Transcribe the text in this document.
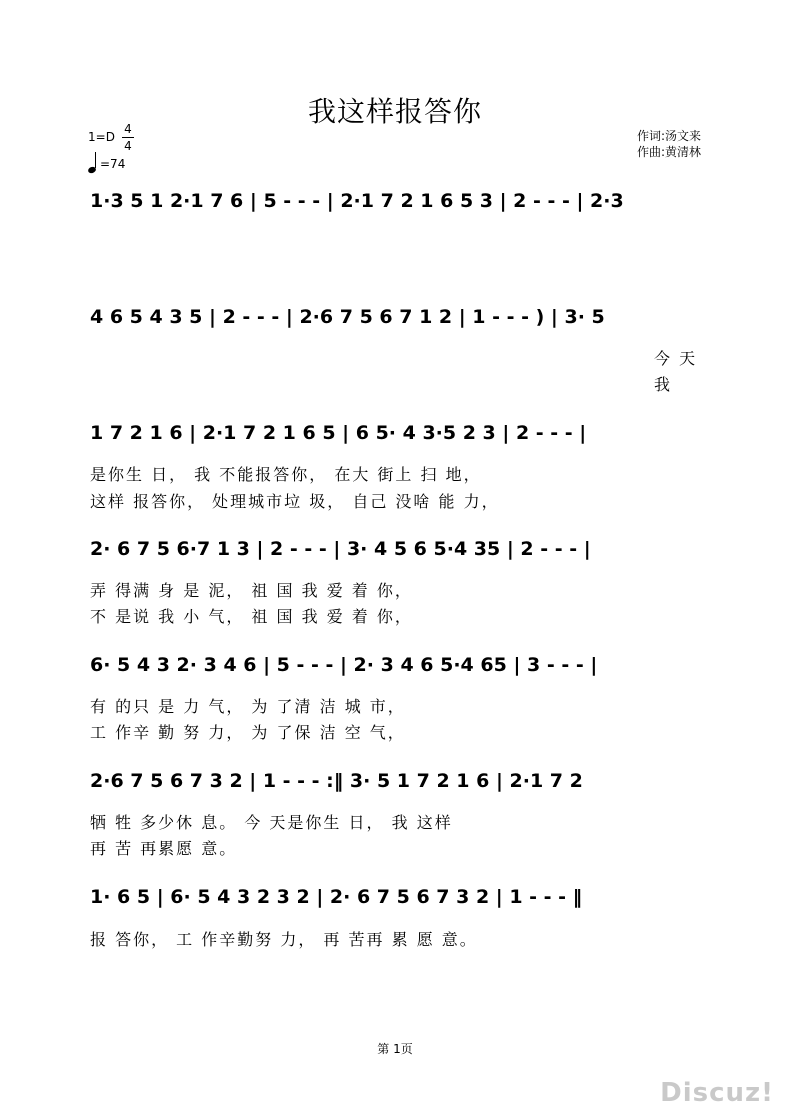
我这样报答你
$1=D \frac{4}{4}$
=74
作词:汤文来
作曲:黄清林
1·3 5 1 2·1 7 6 | 5 - - - | 2·1 7 2 1 6 5 3 | 2 - - - | 2·3
4 6 5 4 3 5 | 2 - - - | 2·6 7 5 6 7 1 2 | 1 - - - ) | 3· 5
今 天
我
1 7 2 1 6 | 2·1 7 2 1 6 5 | 6 5· 4 3·5 2 3 | 2 - - - |
是你生 日， 我 不能报答你， 在大 街上 扫 地，
这样 报答你， 处理城市垃 圾， 自己 没啥 能 力，
2· 6 7 5 6·7 1 3 | 2 - - - | 3· 4 5 6 5·4 35 | 2 - - - |
弄 得满 身 是 泥， 祖 国 我 爱 着 你，
不 是说 我 小 气， 祖 国 我 爱 着 你，
6· 5 4 3 2· 3 4 6 | 5 - - - | 2· 3 4 6 5·4 65 | 3 - - - |
有 的只 是 力 气， 为 了清 洁 城 市，
工 作辛 勤 努 力， 为 了保 洁 空 气，
2·6 7 5 6 7 3 2 | 1 - - - :‖ 3· 5 1 7 2 1 6 | 2·1 7 2
牺 牲 多少休 息。 今 天是你生 日， 我 这样
再 苦 再累愿 意。
1· 6 5 | 6· 5 4 3 2 3 2 | 2· 6 7 5 6 7 3 2 | 1 - - - ‖
报 答你， 工 作辛勤努 力， 再 苦再 累 愿 意。
第 1页
Discuz!
